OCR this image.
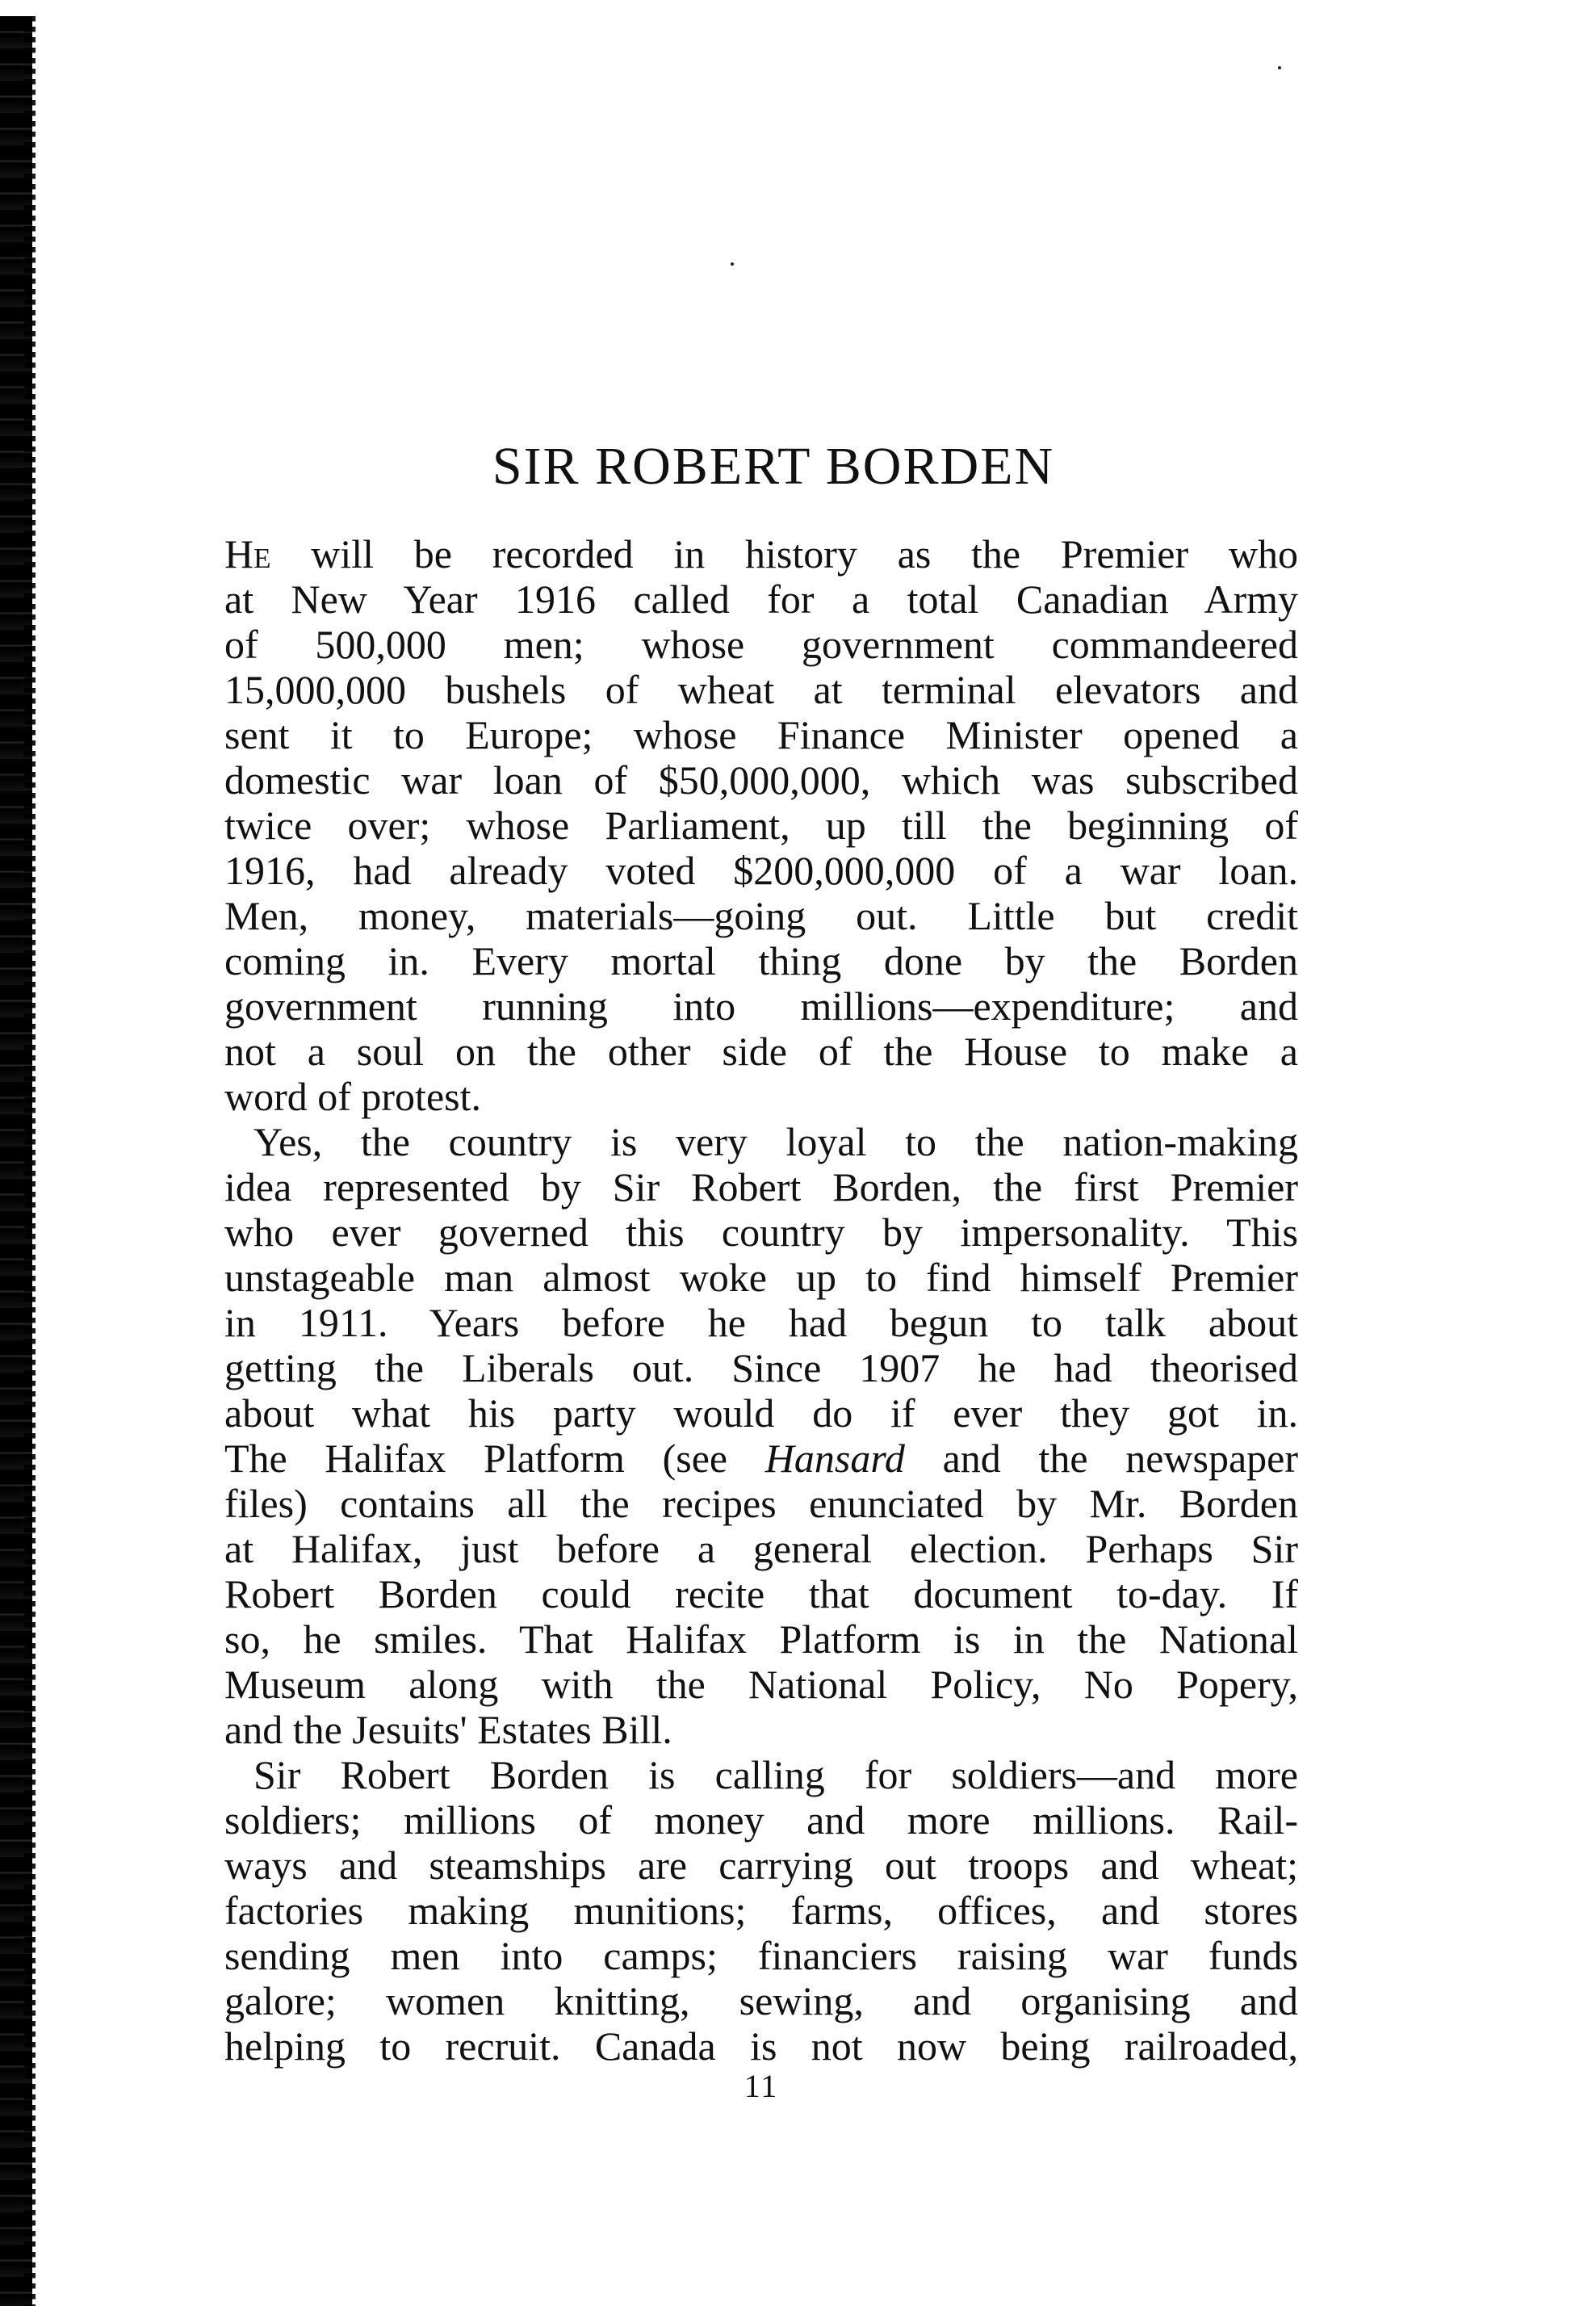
SIR ROBERT BORDEN
He will be recorded in history as the Premier who
at New Year 1916 called for a total Canadian Army
of 500,000 men; whose government commandeered
15,000,000 bushels of wheat at terminal elevators and
sent it to Europe; whose Finance Minister opened a
domestic war loan of $50,000,000, which was subscribed
twice over; whose Parliament, up till the beginning of
1916, had already voted $200,000,000 of a war loan.
Men, money, materials—going out. Little but credit
coming in. Every mortal thing done by the Borden
government running into millions—expenditure; and
not a soul on the other side of the House to make a
word of protest.
Yes, the country is very loyal to the nation-making
idea represented by Sir Robert Borden, the first Premier
who ever governed this country by impersonality. This
unstageable man almost woke up to find himself Premier
in 1911. Years before he had begun to talk about
getting the Liberals out. Since 1907 he had theorised
about what his party would do if ever they got in.
The Halifax Platform (see Hansard and the newspaper
files) contains all the recipes enunciated by Mr. Borden
at Halifax, just before a general election. Perhaps Sir
Robert Borden could recite that document to-day. If
so, he smiles. That Halifax Platform is in the National
Museum along with the National Policy, No Popery,
and the Jesuits' Estates Bill.
Sir Robert Borden is calling for soldiers—and more
soldiers; millions of money and more millions. Rail-
ways and steamships are carrying out troops and wheat;
factories making munitions; farms, offices, and stores
sending men into camps; financiers raising war funds
galore; women knitting, sewing, and organising and
helping to recruit. Canada is not now being railroaded,
11
